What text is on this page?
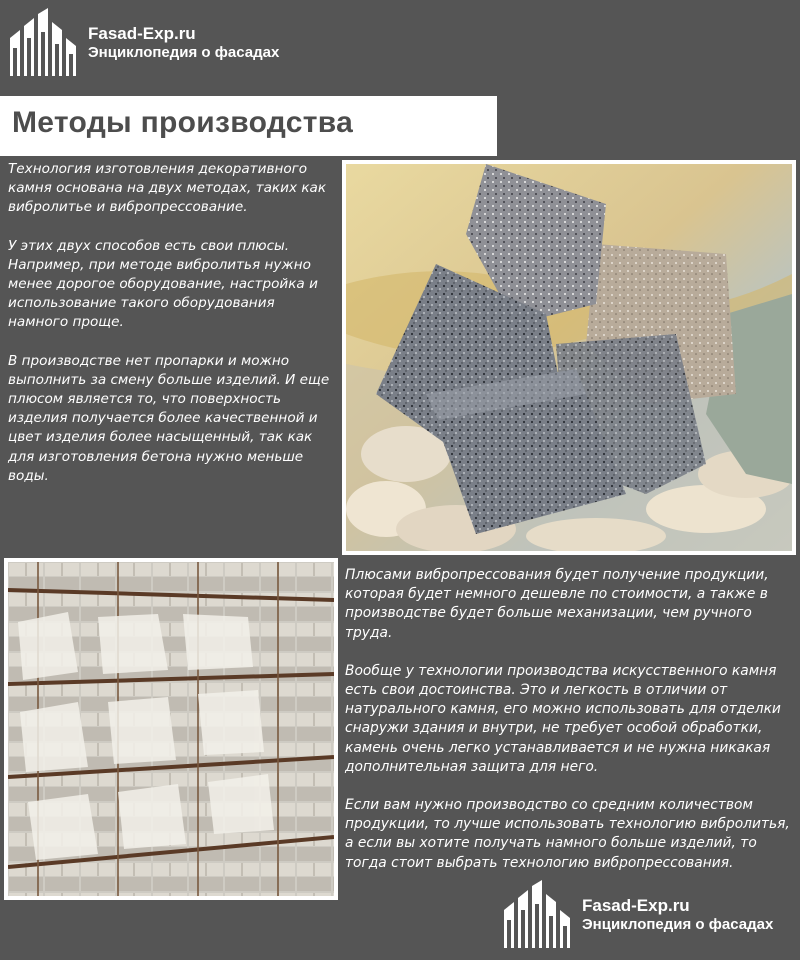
Fasad-Exp.ru
Энциклопедия о фасадах
Методы производства

Технология изготовления декоративного камня основана на двух методах, таких как вибролитье и вибропрессование.

У этих двух способов есть свои плюсы. Например, при методе вибролитья нужно менее дорогое оборудование, настройка и использование такого оборудования намного проще.

В производстве нет пропарки и можно выполнить за смену больше изделий. И еще плюсом является то, что поверхность изделия получается более качественной и цвет изделия более насыщенный, так как для изготовления бетона нужно меньше воды.

Плюсами вибропрессования будет получение продукции, которая будет немного дешевле по стоимости, а также в производстве будет больше механизации, чем ручного труда.

Вообще у технологии производства искусственного камня есть свои достоинства. Это и легкость в отличии от натурального камня, его можно использовать для отделки снаружи здания и внутри, не требует особой обработки, камень очень легко устанавливается и не нужна никакая дополнительная защита для него.

Если вам нужно производство со средним количеством продукции, то лучше использовать технологию вибролитья, а если вы хотите получать намного больше изделий, то тогда стоит выбрать технологию вибропрессования.

Fasad-Exp.ru
Энциклопедия о фасадах
